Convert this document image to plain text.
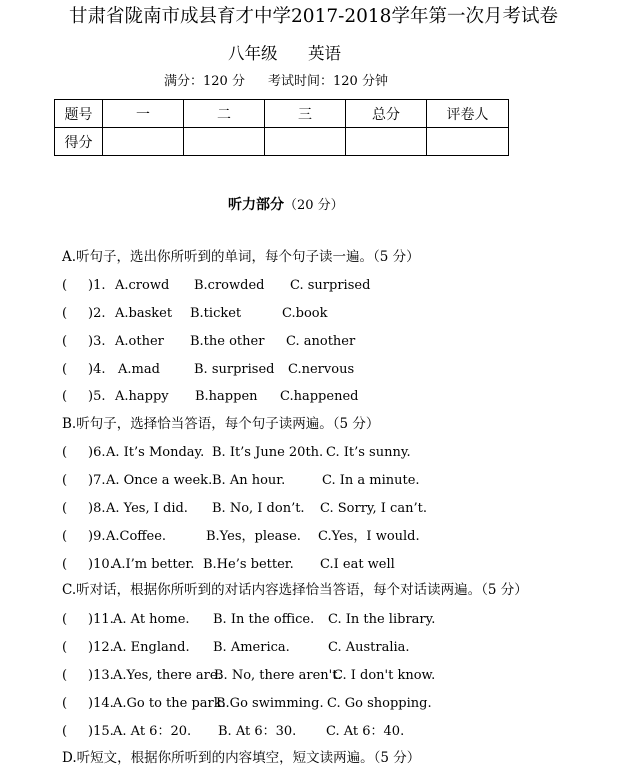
甘肃省陇南市成县育才中学2017-2018学年第一次月考试卷
八年级 英语
满分：120 分 考试时间：120 分钟
题号	一	二	三	总分	评卷人
得分					
听力部分（20 分）
A.听句子，选出你所听到的单词，每个句子读一遍。（5 分）
( )1. A.crowd B.crowded C. surprised
( )2. A.basket B.ticket	C.book
( )3. A.other B.the other C. another
( )4. A.mad	B. surprised C.nervous
( )5. A.happy B.happen C.happened
B.听句子，选择恰当答语，每个句子读两遍。（5 分）
( )6. A. It’s Monday. B. It’s June 20th. C. It’s sunny.
( )7. A. Once a week. B. An hour.	C. In a minute.
( )8. A. Yes, I did. B. No, I don’t. C. Sorry, I can’t.
( )9. A.Coffee.	B.Yes，please. C.Yes，I would.
( )10.
A.I’m better. B.He’s better. C.I eat well
C.听对话，根据你所听到的对话内容选择恰当答语，每个对话读两遍。（5 分）
( )11. A. At home. B. In the office. C. In the library.
( )12. A. England. B. America.	C. Australia.
( )13. A.Yes, there are.
B. No, there aren't.
C. I don't know.
( )14. A.Go to the park.
B.Go swimming. C. Go shopping.
( )15. A. At 6：20. B. At 6：30. C. At 6：40.
D.听短文，根据你所听到的内容填空，短文读两遍。（5 分）
